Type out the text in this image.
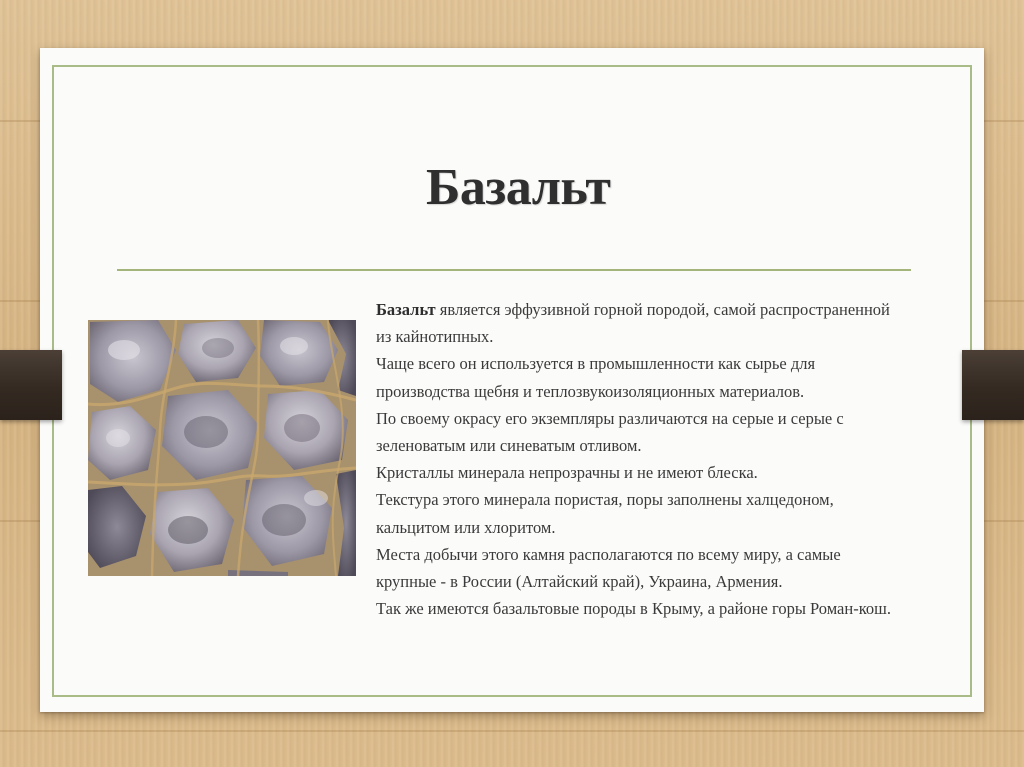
Базальт

Базальт является эффузивной горной породой, самой распространенной из кайнотипных.

Чаще всего он используется в промышленности как сырье для производства щебня и теплозвукоизоляционных материалов.

По своему окрасу его экземпляры различаются на серые и серые с зеленоватым или синеватым отливом.

Кристаллы минерала непрозрачны и не имеют блеска.

Текстура этого минерала пористая, поры заполнены халцедоном, кальцитом или хлоритом.

Места добычи этого камня располагаются по всему миру, а самые крупные - в России (Алтайский край), Украина, Армения.

Так же имеются базальтовые породы в Крыму, а районе горы Роман-кош.
